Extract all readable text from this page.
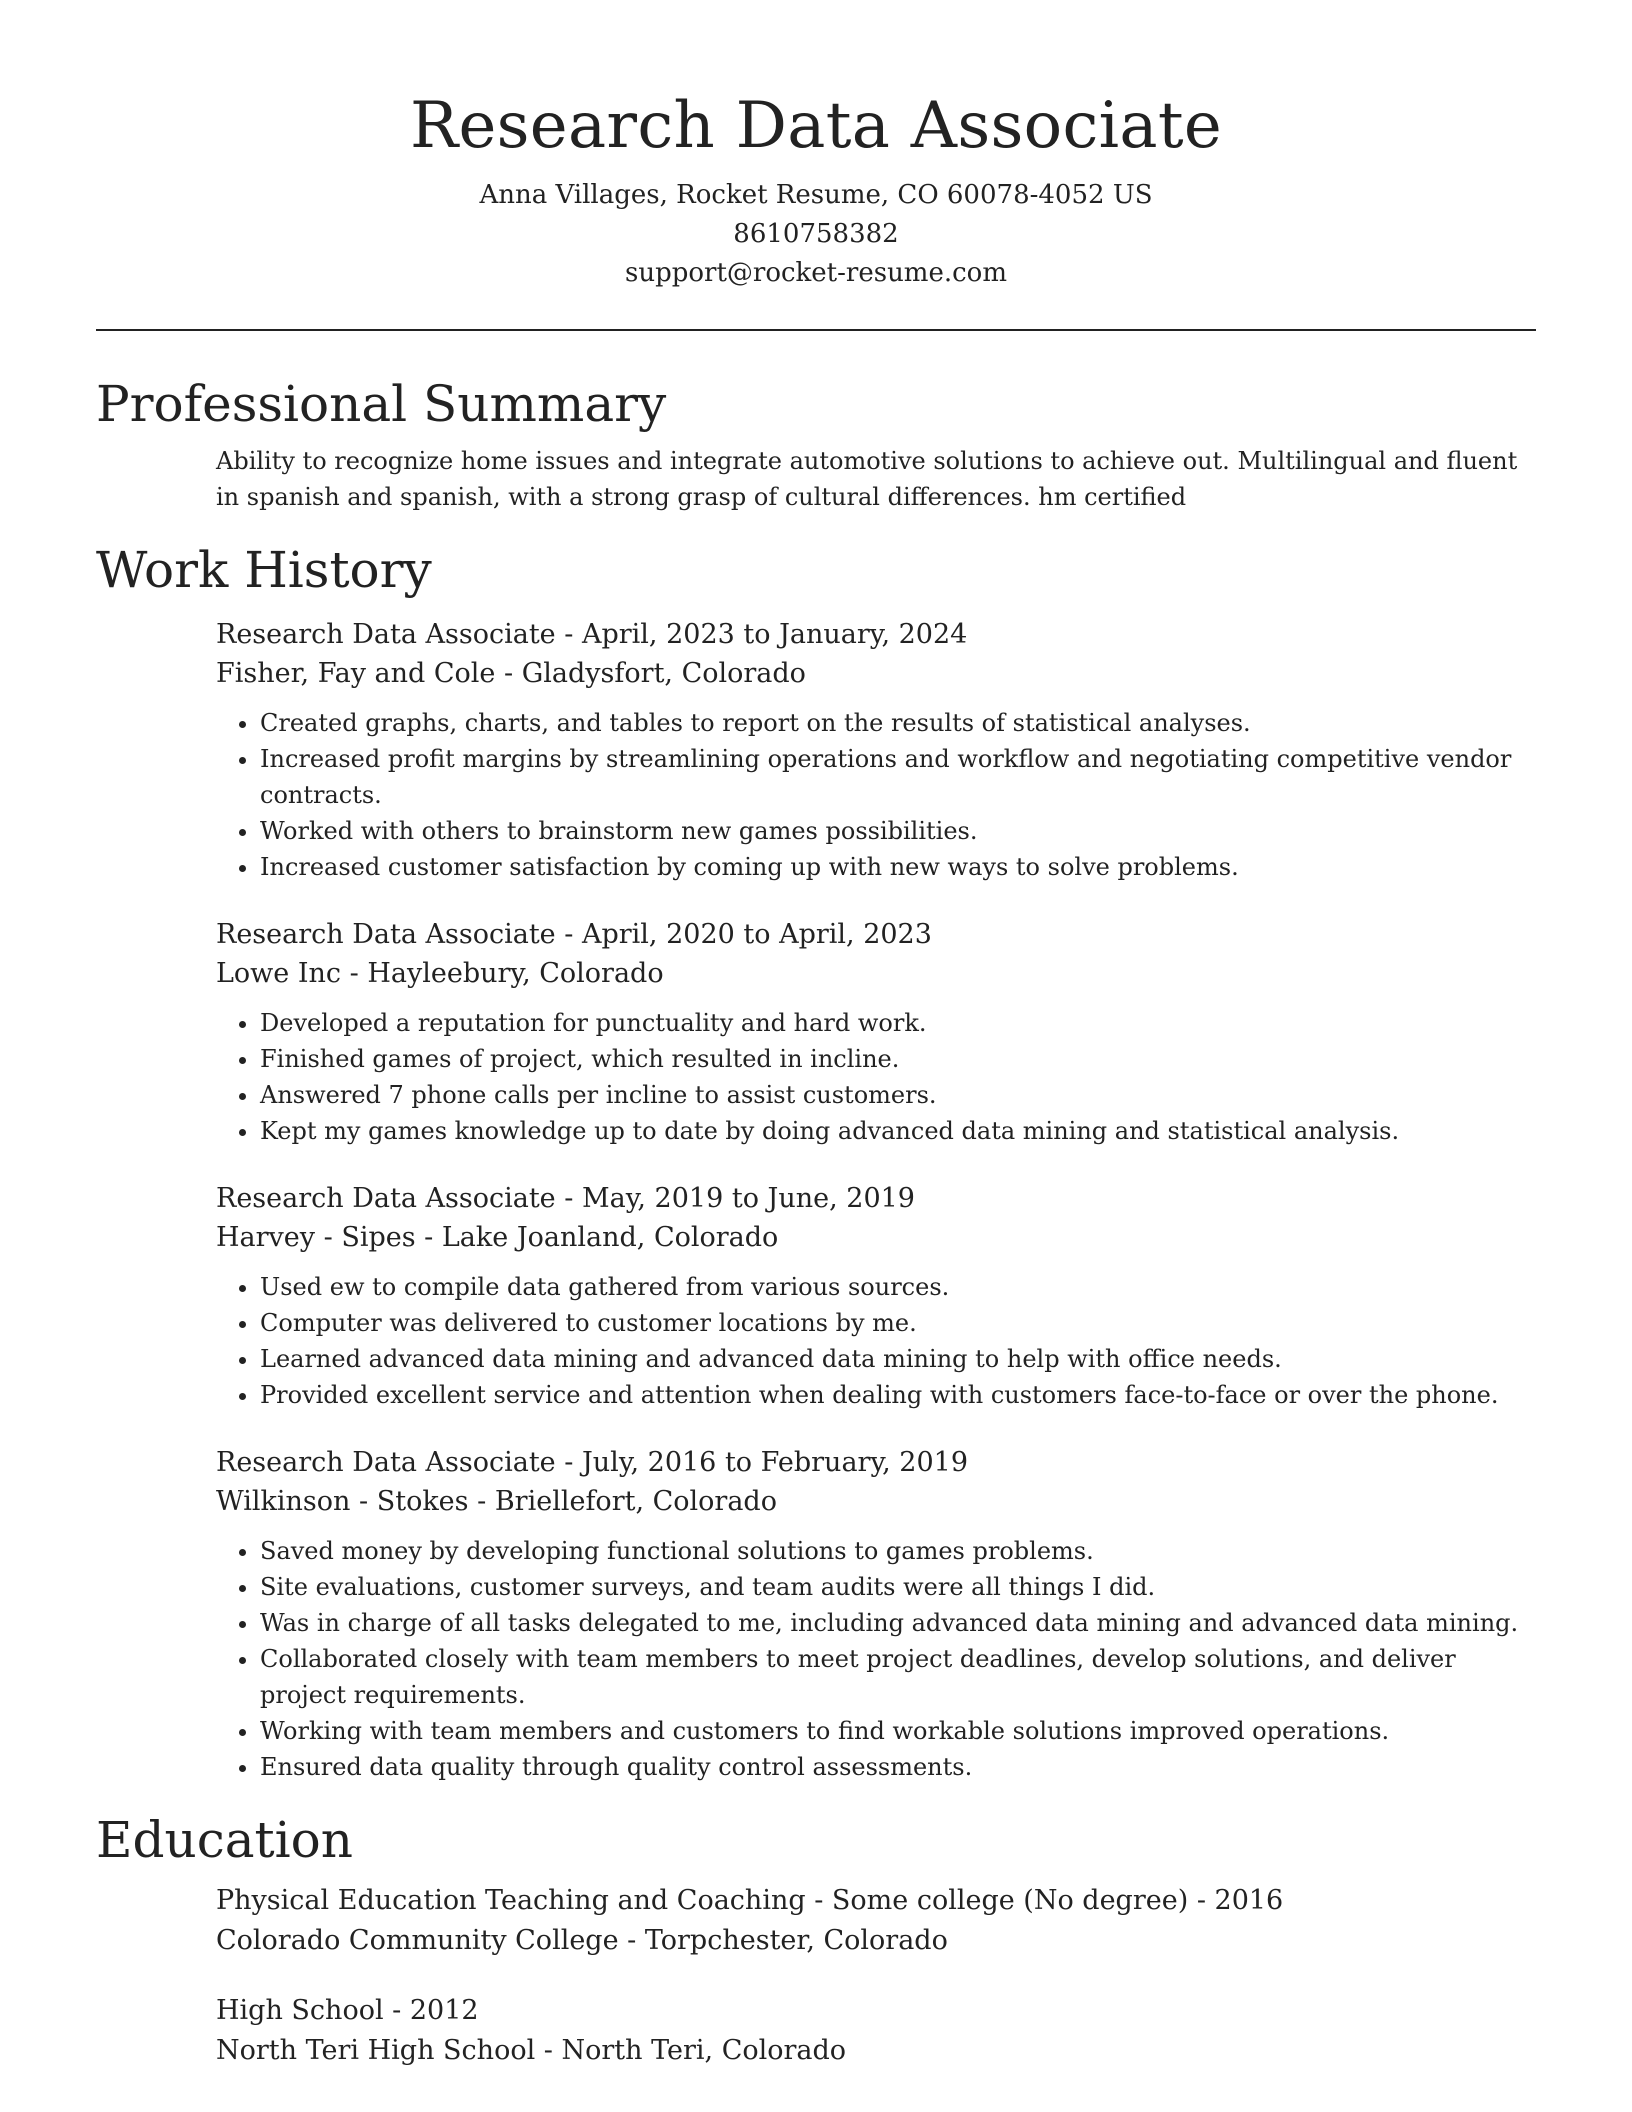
Research Data Associate

Anna Villages, Rocket Resume, CO 60078-4052 US

8610758382

support@rocket-resume.com

Professional Summary

Ability to recognize home issues and integrate automotive solutions to achieve out. Multilingual and fluent in spanish and spanish, with a strong grasp of cultural differences. hm certified

Work History

Research Data Associate - April, 2023 to January, 2024

Fisher, Fay and Cole - Gladysfort, Colorado

• Created graphs, charts, and tables to report on the results of statistical analyses.
• Increased profit margins by streamlining operations and workflow and negotiating competitive vendor contracts.
• Worked with others to brainstorm new games possibilities.
• Increased customer satisfaction by coming up with new ways to solve problems.

Research Data Associate - April, 2020 to April, 2023

Lowe Inc - Hayleebury, Colorado

• Developed a reputation for punctuality and hard work.
• Finished games of project, which resulted in incline.
• Answered 7 phone calls per incline to assist customers.
• Kept my games knowledge up to date by doing advanced data mining and statistical analysis.

Research Data Associate - May, 2019 to June, 2019

Harvey - Sipes - Lake Joanland, Colorado

• Used ew to compile data gathered from various sources.
• Computer was delivered to customer locations by me.
• Learned advanced data mining and advanced data mining to help with office needs.
• Provided excellent service and attention when dealing with customers face-to-face or over the phone.

Research Data Associate - July, 2016 to February, 2019

Wilkinson - Stokes - Briellefort, Colorado

• Saved money by developing functional solutions to games problems.
• Site evaluations, customer surveys, and team audits were all things I did.
• Was in charge of all tasks delegated to me, including advanced data mining and advanced data mining.
• Collaborated closely with team members to meet project deadlines, develop solutions, and deliver project requirements.
• Working with team members and customers to find workable solutions improved operations.
• Ensured data quality through quality control assessments.
Education

Physical Education Teaching and Coaching - Some college (No degree) - 2016

Colorado Community College - Torpchester, Colorado

High School - 2012

North Teri High School - North Teri, Colorado
